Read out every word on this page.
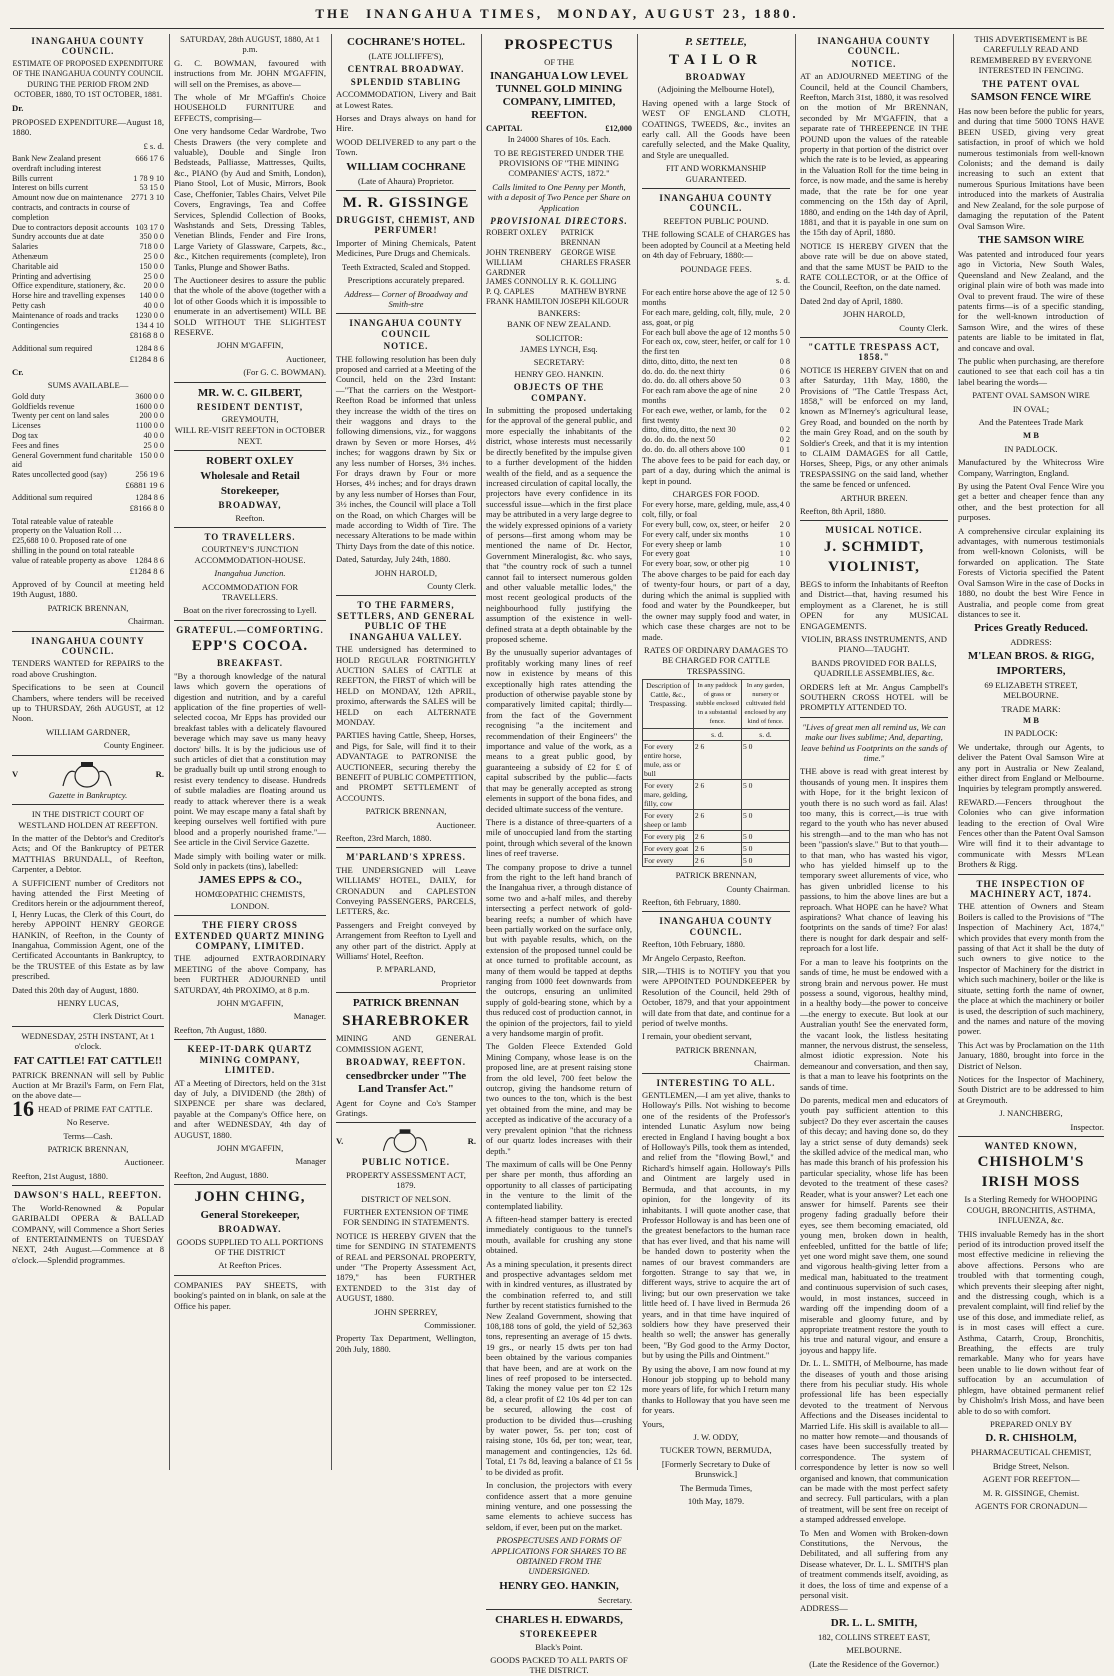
THE INANGAHUA TIMES, MONDAY, AUGUST 23, 1880.

INANGAHUA COUNTY COUNCIL.

ESTIMATE OF PROPOSED EXPENDITURE OF THE INANGAHUA COUNTY COUNCIL DURING THE PERIOD FROM 2ND OCTOBER, 1880, TO 1ST OCTOBER, 1881.

Dr.

PROPOSED EXPENDITURE—August 18, 1880.

£ s. d.

Bank New Zealand present overdraft including interest	666 17 6
Bills current	1 78 9 10
Interest on bills current	53 15 0
Amount now due on maintenance contracts, and contracts in course of completion	2771 3 10
Due to contractors deposit accounts	103 17 0
Sundry accounts due at date	350 0 0
Salaries	718 0 0
Athenæum	25 0 0
Charitable aid	150 0 0
Printing and advertising	25 0 0
Office expenditure, stationery, &c.	20 0 0
Horse hire and travelling expenses	140 0 0
Petty cash	40 0 0
Maintenance of roads and tracks	1230 0 0
Contingencies	134 4 10

£8168 8 0

Additional sum required	1284 8 6

£1284 8 6

Cr.

SUMS AVAILABLE—

Gold duty	3600 0 0
Goldfields revenue	1600 0 0
Twenty per cent on land sales	200 0 0
Licenses	1100 0 0
Dog tax	40 0 0
Fees and fines	25 0 0
General Government fund charitable aid	150 0 0
Rates uncollected good (say)	256 19 6

£6881 19 6

Additional sum required	1284 8 6

£8166 8 0

Total rateable value of rateable property on the Valuation Roll … £25,688 10 0. Proposed rate of one shilling in the pound on total rateable value of rateable property as above	1284 8 6

£1284 8 6

Approved of by Council at meeting held 19th August, 1880.

PATRICK BRENNAN,

Chairman.

INANGAHUA COUNTY COUNCIL.

TENDERS WANTED for REPAIRS to the road above Crushington.

Specifications to be seen at Council Chambers, where tenders will be received up to THURSDAY, 26th AUGUST, at 12 Noon.

WILLIAM GARDNER,

County Engineer.

V	R.

Gazette in Bankruptcy.

IN THE DISTRICT COURT OF WESTLAND HOLDEN AT REEFTON.

In the matter of the Debtor's and Creditor's Acts; and Of the Bankruptcy of PETER MATTHIAS BRUNDALL, of Reefton, Carpenter, a Debtor.

A SUFFICIENT number of Creditors not having attended the First Meeting of Creditors herein or the adjournment thereof, I, Henry Lucas, the Clerk of this Court, do hereby APPOINT HENRY GEORGE HANKIN, of Reefton, in the County of Inangahua, Commission Agent, one of the Certificated Accountants in Bankruptcy, to be the TRUSTEE of this Estate as by law prescribed.

Dated this 20th day of August, 1880.

HENRY LUCAS,

Clerk District Court.

WEDNESDAY, 25TH INSTANT, At 1 o'clock.

FAT CATTLE! FAT CATTLE!!

PATRICK BRENNAN will sell by Public Auction at Mr Brazil's Farm, on Fern Flat, on the above date—

16 HEAD of PRIME FAT CATTLE.

No Reserve.

Terms—Cash.

PATRICK BRENNAN,

Auctioneer.

Reefton, 21st August, 1880.

DAWSON'S HALL, REEFTON.

The World-Renowned & Popular GARIBALDI OPERA & BALLAD COMPANY, will Commence a Short Series of ENTERTAINMENTS on TUESDAY NEXT, 24th August.—Commence at 8 o'clock.—Splendid programmes.

SATURDAY, 28th AUGUST, 1880, At 1 p.m.

G. C. BOWMAN, favoured with instructions from Mr. JOHN M'GAFFIN, will sell on the Premises, as above—

The whole of Mr M'Gaffin's Choice HOUSEHOLD FURNITURE and EFFECTS, comprising—

One very handsome Cedar Wardrobe, Two Chests Drawers (the very complete and valuable), Double and Single Iron Bedsteads, Palliasse, Mattresses, Quilts, &c., PIANO (by Aud and Smith, London), Piano Stool, Lot of Music, Mirrors, Book Case, Cheffonier, Tables Chairs, Velvet Pile Covers, Engravings, Tea and Coffee Services, Splendid Collection of Books, Washstands and Sets, Dressing Tables, Venetian Blinds, Fender and Fire Irons, Large Variety of Glassware, Carpets, &c., &c., Kitchen requirements (complete), Iron Tanks, Plunge and Shower Baths.

The Auctioneer desires to assure the public that the whole of the above (together with a lot of other Goods which it is impossible to enumerate in an advertisement) WILL BE SOLD WITHOUT THE SLIGHTEST RESERVE.

JOHN M'GAFFIN,

Auctioneer,

(For G. C. BOWMAN).

MR. W. C. GILBERT,

RESIDENT DENTIST,

GREYMOUTH,

WILL RE-VISIT REEFTON in OCTOBER NEXT.

ROBERT OXLEY

Wholesale and Retail

Storekeeper,

BROADWAY,

Reefton.

TO TRAVELLERS.

COURTNEY'S JUNCTION ACCOMMODATION-HOUSE.

Inangahua Junction.

ACCOMMODATION FOR TRAVELLERS.

Boat on the river forecrossing to Lyell.

GRATEFUL.—COMFORTING.

EPP'S COCOA.

BREAKFAST.

"By a thorough knowledge of the natural laws which govern the operations of digestion and nutrition, and by a careful application of the fine properties of well-selected cocoa, Mr Epps has provided our breakfast tables with a delicately flavoured beverage which may save us many heavy doctors' bills. It is by the judicious use of such articles of diet that a constitution may be gradually built up until strong enough to resist every tendency to disease. Hundreds of subtle maladies are floating around us ready to attack wherever there is a weak point. We may escape many a fatal shaft by keeping ourselves well fortified with pure blood and a properly nourished frame."—See article in the Civil Service Gazette.

Made simply with boiling water or milk. Sold only in packets (tins), labelled:

JAMES EPPS & CO.,

HOMŒOPATHIC CHEMISTS,

LONDON.

THE FIERY CROSS EXTENDED QUARTZ MINING COMPANY, LIMITED.

THE adjourned EXTRAORDINARY MEETING of the above Company, has been FURTHER ADJOURNED until SATURDAY, 4th PROXIMO, at 8 p.m.

JOHN M'GAFFIN,

Manager.

Reefton, 7th August, 1880.

KEEP-IT-DARK QUARTZ MINING COMPANY, LIMITED.

AT a Meeting of Directors, held on the 31st day of July, a DIVIDEND (the 28th) of SIXPENCE per share was declared, payable at the Company's Office here, on and after WEDNESDAY, 4th day of AUGUST, 1880.

JOHN M'GAFFIN,

Manager

Reefton, 2nd August, 1880.

JOHN CHING,

General Storekeeper,

BROADWAY.

GOODS SUPPLIED TO ALL PORTIONS OF THE DISTRICT

At Reefton Prices.

COMPANIES PAY SHEETS, with booking's painted on in blank, on sale at the Office his paper.

COCHRANE'S HOTEL.

(LATE JOLLIFFE'S),

CENTRAL BROADWAY.

SPLENDID STABLING

ACCOMMODATION, Livery and Bait at Lowest Rates.

Horses and Drays always on hand for Hire.

WOOD DELIVERED to any part o the Town.

WILLIAM COCHRANE

(Late of Ahaura) Proprietor.

M. R. GISSINGE

DRUGGIST, CHEMIST, AND PERFUMER!

Importer of Mining Chemicals, Patent Medicines, Pure Drugs and Chemicals.

Teeth Extracted, Scaled and Stopped.

Prescriptions accurately prepared.

Address— Corner of Broadway and Smith-stre

INANGAHUA COUNTY COUNCIL

NOTICE.

THE following resolution has been duly proposed and carried at a Meeting of the Council, held on the 23rd Instant:—"That the carriers on the Westport-Reefton Road be informed that unless they increase the width of the tires on their waggons and drays to the following dimensions, viz., for waggons drawn by Seven or more Horses, 4½ inches; for waggons drawn by Six or any less number of Horses, 3½ inches. For drays drawn by Four or more Horses, 4½ inches; and for drays drawn by any less number of Horses than Four, 3½ inches, the Council will place a Toll on the Road, on which Charges will be made according to Width of Tire. The necessary Alterations to be made within Thirty Days from the date of this notice.

Dated, Saturday, July 24th, 1880.

JOHN HAROLD,

County Clerk.

TO THE FARMERS, SETTLERS, AND GENERAL PUBLIC OF THE INANGAHUA VALLEY.

THE undersigned has determined to HOLD REGULAR FORTNIGHTLY AUCTION SALES of CATTLE at REEFTON, the FIRST of which will be HELD on MONDAY, 12th APRIL, proximo, afterwards the SALES will be HELD on each ALTERNATE MONDAY.

PARTIES having Cattle, Sheep, Horses, and Pigs, for Sale, will find it to their ADVANTAGE to PATRONISE the AUCTIONEER, securing thereby the BENEFIT of PUBLIC COMPETITION, and PROMPT SETTLEMENT of ACCOUNTS.

PATRICK BRENNAN,

Auctioneer.

Reefton, 23rd March, 1880.

M'PARLAND'S XPRESS.

THE UNDERSIGNED will Leave WILLIAMS' HOTEL, DAILY, for CRONADUN and CAPLESTON Conveying PASSENGERS, PARCELS, LETTERS, &c.

Passengers and Freight conveyed by Arrangement from Reefton to Lyell and any other part of the district. Apply at Williams' Hotel, Reefton.

P. M'PARLAND,

Proprietor

PATRICK BRENNAN

SHAREBROKER

MINING AND GENERAL COMMISSION AGENT,

BROADWAY, REEFTON.

censedbrcker under "The Land Transfer Act."

Agent for Coyne and Co's Stamper Gratings.

V.	R.

PUBLIC NOTICE.

PROPERTY ASSESSMENT ACT, 1879.

DISTRICT OF NELSON.

FURTHER EXTENSION OF TIME FOR SENDING IN STATEMENTS.

NOTICE IS HEREBY GIVEN that the time for SENDING IN STATEMENTS of REAL and PERSONAL PROPERTY, under "The Property Assessment Act, 1879," has been FURTHER EXTENDED to the 31st day of AUGUST, 1880.

JOHN SPERREY,

Commissioner.

Property Tax Department, Wellington, 20th July, 1880.

PROSPECTUS

OF THE

INANGAHUA LOW LEVEL TUNNEL GOLD MINING COMPANY, LIMITED, REEFTON.

CAPITAL	£12,000

In 24000 Shares of 10s. Each.

TO BE REGISTERED UNDER THE PROVISIONS OF "THE MINING COMPANIES' ACTS, 1872."

Calls limited to One Penny per Month, with a deposit of Two Pence per Share on Application

PROVISIONAL DIRECTORS.

ROBERT OXLEY	PATRICK BRENNAN
JOHN TRENBERY	GEORGE WISE
WILLIAM GARDNER	CHARLES FRASER
JAMES CONNOLLY	R. K. GOLLING
P. Q. CAPLES	MATHEW BYRNE
FRANK HAMILTON	JOSEPH KILGOUR

BANKERS:

BANK OF NEW ZEALAND.

SOLICITOR:

JAMES LYNCH, Esq.

SECRETARY:

HENRY GEO. HANKIN.

OBJECTS OF THE COMPANY.

In submitting the proposed undertaking for the approval of the general public, and more especially the inhabitants of the district, whose interests must necessarily be directly benefited by the impulse given to a further development of the hidden wealth of the field, and as a sequence the increased circulation of capital locally, the projectors have every confidence in its successful issue—which in the first place may be attributed in a very large degree to the widely expressed opinions of a variety of persons—first among whom may be mentioned the name of Dr. Hector, Government Mineralogist, &c. who says, that "the country rock of such a tunnel cannot fail to intersect numerous golden and other valuable metallic lodes," the most recent geological products of the neighbourhood fully justifying the assumption of the existence in well-defined strata at a depth obtainable by the proposed scheme.

By the unusually superior advantages of profitably working many lines of reef now in existence by means of this exceptionally high rates attending the production of otherwise payable stone by comparatively limited capital; thirdly—from the fact of the Government recognising "a the incitement and recommendation of their Engineers" the importance and value of the work, as a means to a great public good, by guaranteeing a subsidy of £2 for £ of capital subscribed by the public—facts that may be generally accepted as strong elements in support of the bona fides, and decided ultimate success of the venture.

There is a distance of three-quarters of a mile of unoccupied land from the starting point, through which several of the known lines of reef traverse.

The company propose to drive a tunnel from the right to the left hand branch of the Inangahua river, a through distance of some two and a-half miles, and thereby intersecting a perfect network of gold-bearing reefs; a number of which have been partially worked on the surface only, but with payable results, which, on the extension of the proposed tunnel could be at once turned to profitable account, as many of them would be tapped at depths ranging from 1000 feet downwards from the outcrops, ensuring an unlimited supply of gold-bearing stone, which by a thus reduced cost of production cannot, in the opinion of the projectors, fail to yield a very handsome margin of profit.

The Golden Fleece Extended Gold Mining Company, whose lease is on the proposed line, are at present raising stone from the old level, 700 feet below the outcrop, giving the handsome return of two ounces to the ton, which is the best yet obtained from the mine, and may be accepted as indicative of the accuracy of a very prevalent opinion "that the richness of our quartz lodes increases with their depth."

The maximum of calls will be One Penny per share per month, thus affording an opportunity to all classes of participating in the venture to the limit of the contemplated liability.

A fifteen-head stamper battery is erected immediately contiguous to the tunnel's mouth, available for crushing any stone obtained.

As a mining speculation, it presents direct and prospective advantages seldom met with in kindred ventures, as illustrated by the combination referred to, and still further by recent statistics furnished to the New Zealand Government, showing that 108,188 tons of gold, the yield of 52,363 tons, representing an average of 15 dwts. 19 grs., or nearly 15 dwts per ton had been obtained by the various companies that have been, and are at work on the lines of reef proposed to be intersected. Taking the money value per ton £2 12s 8d, a clear profit of £2 10s 4d per ton can be secured, allowing the cost of production to be divided thus—crushing by water power, 5s. per ton; cost of raising stone, 10s 6d, per ton; wear, tear, management and contingencies, 12s 6d. Total, £1 7s 8d, leaving a balance of £1 5s to be divided as profit.

In conclusion, the projectors with every confidence assert that a more genuine mining venture, and one possessing the same elements to achieve success has seldom, if ever, been put on the market.

PROSPECTUSES AND FORMS OF APPLICATIONS FOR SHARES TO BE OBTAINED FROM THE UNDERSIGNED.

HENRY GEO. HANKIN,

Secretary.

CHARLES H. EDWARDS,

STOREKEEPER

Black's Point.

GOODS PACKED TO ALL PARTS OF THE DISTRICT.

P. SETTELE,

TAILOR

BROADWAY

(Adjoining the Melbourne Hotel),

Having opened with a large Stock of WEST OF ENGLAND CLOTH, COATINGS, TWEEDS, &c., invites an early call. All the Goods have been carefully selected, and the Make Quality, and Style are unequalled.

FIT AND WORKMANSHIP GUARANTEED.

INANGAHUA COUNTY COUNCIL.

REEFTON PUBLIC POUND.

THE following SCALE of CHARGES has been adopted by Council at a Meeting held on 4th day of February, 1880:—

POUNDAGE FEES.

s. d.

For each entire horse above the age of 12 months	5 0
For each mare, gelding, colt, filly, mule, ass, goat, or pig	2 0
For each bull above the age of 12 months	5 0
For each ox, cow, steer, heifer, or calf for the first ten	1 0
ditto, ditto, ditto, the next ten	0 8
do. do. do. the next thirty	0 6
do. do. do. all others above 50	0 3
For each ram above the age of nine months	2 0
For each ewe, wether, or lamb, for the first twenty	0 2
ditto, ditto, ditto, the next 30	0 2
do. do. do. the next 50	0 2
do. do. do. all others above 100	0 1

The above fees to be paid for each day, or part of a day, during which the animal is kept in pound.

CHARGES FOR FOOD.

For every horse, mare, gelding, mule, ass, colt, filly, or foal	4 0
For every bull, cow, ox, steer, or heifer	2 0
For every calf, under six months	1 0
For every sheep or lamb	1 0
For every goat	1 0
For every boar, sow, or other pig	1 0

The above charges to be paid for each day of twenty-four hours, or part of a day, during which the animal is supplied with food and water by the Poundkeeper, but the owner may supply food and water, in which case these charges are not to be made.

RATES OF ORDINARY DAMAGES TO BE CHARGED FOR CATTLE TRESPASSING.

Description of Cattle, &c., Trespassing.	In any paddock of grass or stubble enclosed in a substantial fence.	In any garden, nursery or cultivated field enclosed by any kind of fence.
	s. d.	s. d.
For every entire horse, mule, ass or bull	2 6	5 0
For every mare, gelding, filly, cow	2 6	5 0
For every sheep or lamb	2 6	5 0
For every pig	2 6	5 0
For every goat	2 6	5 0
For every	2 6	5 0

PATRICK BRENNAN,

County Chairman.

Reefton, 6th February, 1880.

INANGAHUA COUNTY COUNCIL.

Reefton, 10th February, 1880.

Mr Angelo Cerpasto, Reefton.

SIR,—THIS is to NOTIFY you that you were APPOINTED POUNDKEEPER by Resolution of the Council, held 29th of October, 1879, and that your appointment will date from that date, and continue for a period of twelve months.

I remain, your obedient servant,

PATRICK BRENNAN,

Chairman.

INTERESTING TO ALL.

GENTLEMEN,—I am yet alive, thanks to Holloway's Pills. Not wishing to become one of the residents of the Professor's intended Lunatic Asylum now being erected in England I having bought a box of Holloway's Pills, took them as intended, and relief from the "flowing Bowl," and Richard's himself again. Holloway's Pills and Ointment are largely used in Bermuda, and that accounts, in my opinion, for the longevity of its inhabitants. I will quote another case, that Professor Holloway is and has been one of the greatest benefactors to the human race that has ever lived, and that his name will be handed down to posterity when the names of our bravest commanders are forgotten. Strange to say that we, in different ways, strive to acquire the art of living; but our own preservation we take little heed of. I have lived in Bermuda 26 years, and in that time have inquired of soldiers how they have preserved their health so well; the answer has generally been, "By God good to the Army Doctor, but by using the Pills and Ointment."

By using the above, I am now found at my Honour job stopping up to behold many more years of life, for which I return many thanks to Holloway that you have seen me for years.

Yours,

J. W. ODDY,

TUCKER TOWN, BERMUDA,

[Formerly Secretary to Duke of Brunswick.]

The Bermuda Times,

10th May, 1879.

INANGAHUA COUNTY COUNCIL.

NOTICE.

AT an ADJOURNED MEETING of the Council, held at the Council Chambers, Reefton, March 31st, 1880, it was resolved on the motion of Mr BRENNAN, seconded by Mr M'GAFFIN, that a separate rate of THREEPENCE IN THE POUND upon the values of the rateable property in that portion of the district over which the rate is to be levied, as appearing in the Valuation Roll for the time being in force, is now made, and the same is hereby made, that the rate be for one year commencing on the 15th day of April, 1880, and ending on the 14th day of April, 1881, and that it is payable in one sum on the 15th day of April, 1880.

NOTICE IS HEREBY GIVEN that the above rate will be due on above stated, and that the same MUST be PAID to the RATE COLLECTOR, or at the Office of the Council, Reefton, on the date named.

Dated 2nd day of April, 1880.

JOHN HAROLD,

County Clerk.

"CATTLE TRESPASS ACT, 1858."

NOTICE IS HEREBY GIVEN that on and after Saturday, 11th May, 1880, the Provisions of "The Cattle Trespass Act, 1858," will be enforced on my land, known as M'Inerney's agricultural lease, Grey Road, and bounded on the north by the main Grey Road, and on the south by Soldier's Creek, and that it is my intention to CLAIM DAMAGES for all Cattle, Horses, Sheep, Pigs, or any other animals TRESPASSING on the said land, whether the same be fenced or unfenced.

ARTHUR BREEN.

Reefton, 8th April, 1880.

MUSICAL NOTICE.

J. SCHMIDT,

VIOLINIST,

BEGS to inform the Inhabitants of Reefton and District—that, having resumed his employment as a Clarenet, he is still OPEN for any MUSICAL ENGAGEMENTS.

VIOLIN, BRASS INSTRUMENTS, AND PIANO—TAUGHT.

BANDS PROVIDED FOR BALLS, QUADRILLE ASSEMBLIES, &c.

ORDERS left at Mr. Angus Campbell's SOUTHERN CROSS HOTEL will be PROMPTLY ATTENDED TO.

"Lives of great men all remind us, We can make our lives sublime; And, departing, leave behind us Footprints on the sands of time."

THE above is read with great interest by thousands of young men. It inspires them with Hope, for it the bright lexicon of youth there is no such word as fail. Alas! too many, this is correct,—is true with regard to the youth who has never abused his strength—and to the man who has not been "passion's slave." But to that youth—to that man, who has wasted his vigor, who has yielded himself up to the temporary sweet allurements of vice, who has given unbridled license to his passions, to him the above lines are but a reproach. What HOPE can he have? What aspirations? What chance of leaving his footprints on the sands of time? For alas! there is nought for dark despair and self-reproach for a lost life.

For a man to leave his footprints on the sands of time, he must be endowed with a strong brain and nervous power. He must possess a sound, vigorous, healthy mind, in a healthy body—the power to conceive—the energy to execute. But look at our Australian youth! See the enervated form, the vacant look, the listless hesitating manner, the nervous distrust, the senseless, almost idiotic expression. Note his demeanour and conversation, and then say, is that a man to leave his footprints on the sands of time.

Do parents, medical men and educators of youth pay sufficient attention to this subject? Do they ever ascertain the causes of this decay; and having done so, do they lay a strict sense of duty demands) seek the skilled advice of the medical man, who has made this branch of his profession his particular speciality, whose life has been devoted to the treatment of these cases? Reader, what is your answer? Let each one answer for himself. Parents see their progeny fading gradually before their eyes, see them becoming emaciated, old young men, broken down in health, enfeebled, unfitted for the battle of life; yet one word might save them, one sound and vigorous health-giving letter from a medical man, habituated to the treatment and continuous supervision of such cases, would, in most instances, succeed in warding off the impending doom of a miserable and gloomy future, and by appropriate treatment restore the youth to his true and natural vigour, and ensure a joyous and happy life.

Dr. L. L. SMITH, of Melbourne, has made the diseases of youth and those arising there from his peculiar study. His whole professional life has been especially devoted to the treatment of Nervous Affections and the Diseases incidental to Married Life. His skill is available to all—no matter how remote—and thousands of cases have been successfully treated by correspondence. The system of correspondence by letter is now so well organised and known, that communication can be made with the most perfect safety and secrecy. Full particulars, with a plan of treatment, will be sent free on receipt of a stamped addressed envelope.

To Men and Women with Broken-down Constitutions, the Nervous, the Debilitated, and all suffering from any Disease whatever, Dr. L. L. SMITH'S plan of treatment commends itself, avoiding, as it does, the loss of time and expense of a personal visit.

ADDRESS—

DR. L. L. SMITH,

182, COLLINS STREET EAST,

MELBOURNE.

(Late the Residence of the Governor.)

THIS ADVERTISEMENT is BE CAREFULLY READ AND REMEMBERED BY EVERYONE INTERESTED IN FENCING.

THE PATENT OVAL

SAMSON FENCE WIRE

Has now been before the public for years, and during that time 5000 TONS HAVE BEEN USED, giving very great satisfaction, in proof of which we hold numerous testimonials from well-known Colonists; and the demand is daily increasing to such an extent that numerous Spurious Imitations have been introduced into the markets of Australia and New Zealand, for the sole purpose of damaging the reputation of the Patent Oval Samson Wire.

THE SAMSON WIRE

Was patented and introduced four years ago in Victoria, New South Wales, Queensland and New Zealand, and the original plain wire of both was made into Oval to prevent fraud. The wire of these patents firms—is of a specific standing, for the well-known introduction of Samson Wire, and the wires of these patents are liable to be imitated in flat, and concave and oval.

The public when purchasing, are therefore cautioned to see that each coil has a tin label bearing the words—

PATENT OVAL SAMSON WIRE

IN OVAL;

And the Patentees Trade Mark

M B

IN PADLOCK.

Manufactured by the Whitecross Wire Company, Warrington, England.

By using the Patent Oval Fence Wire you get a better and cheaper fence than any other, and the best protection for all purposes.

A comprehensive circular explaining its advantages, with numerous testimonials from well-known Colonists, will be forwarded on application. The State Forests of Victoria specified the Patent Oval Samson Wire in the case of Docks in 1880, no doubt the best Wire Fence in Australia, and people come from great distances to see it.

Prices Greatly Reduced.

ADDRESS:

M'LEAN BROS. & RIGG,

IMPORTERS,

69 ELIZABETH STREET, MELBOURNE.

TRADE MARK:

M B

IN PADLOCK:

We undertake, through our Agents, to deliver the Patent Oval Samson Wire at any port in Australia or New Zealand, either direct from England or Melbourne. Inquiries by telegram promptly answered.

REWARD.—Fencers throughout the Colonies who can give information leading to the erection of Oval Wire Fences other than the Patent Oval Samson Wire will find it to their advantage to communicate with Messrs M'Lean Brothers & Rigg.

THE INSPECTION OF MACHINERY ACT, 1874.

THE attention of Owners and Steam Boilers is called to the Provisions of "The Inspection of Machinery Act, 1874," which provides that every month from the passing of that Act it shall be the duty of such owners to give notice to the Inspector of Machinery for the district in which such machinery, boiler or the like is situate, setting forth the name of owner, the place at which the machinery or boiler is used, the description of such machinery, and the names and nature of the moving power.

This Act was by Proclamation on the 11th January, 1880, brought into force in the District of Nelson.

Notices for the Inspector of Machinery, South District are to be addressed to him at Greymouth.

J. NANCHBERG,

Inspector.

WANTED KNOWN,

CHISHOLM'S

IRISH MOSS

Is a Sterling Remedy for WHOOPING COUGH, BRONCHITIS, ASTHMA, INFLUENZA, &c.

THIS invaluable Remedy has in the short period of its introduction proved itself the most effective medicine in relieving the above affections. Persons who are troubled with that tormenting cough, which prevents their sleeping after night, and the distressing cough, which is a prevalent complaint, will find relief by the use of this dose, and immediate relief, as is in most cases will effect a cure. Asthma, Catarrh, Croup, Bronchitis, Breathing, the effects are truly remarkable. Many who for years have been unable to lie down without fear of suffocation by an accumulation of phlegm, have obtained permanent relief by Chisholm's Irish Moss, and have been able to do so with comfort.

PREPARED ONLY BY

D. R. CHISHOLM,

PHARMACEUTICAL CHEMIST,

Bridge Street, Nelson.

AGENT FOR REEFTON—

M. R. GISSINGE, Chemist.

AGENTS FOR CRONADUN—
